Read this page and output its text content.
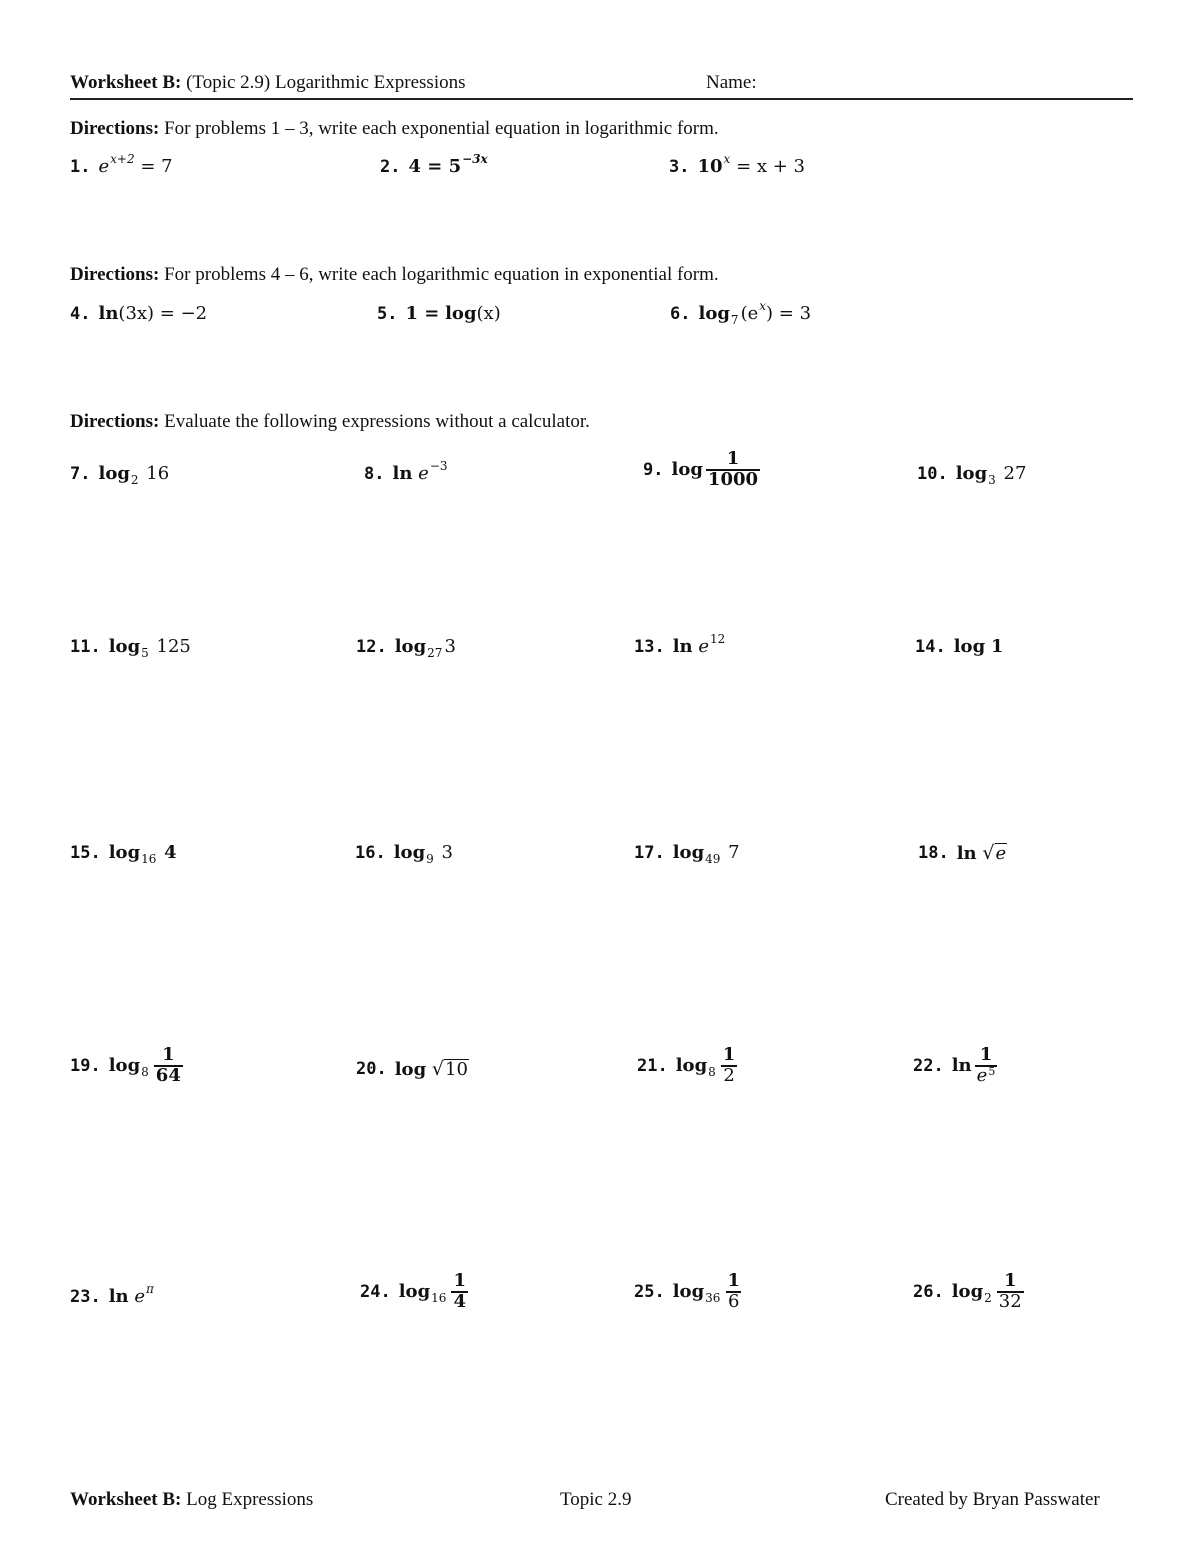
Worksheet B: (Topic 2.9) Logarithmic Expressions	Name:
Directions: For problems 1 – 3, write each exponential equation in logarithmic form.
1. e x+2
= 7	2. 4 = 5 −3x	3. 10 x
= x + 3
Directions: For problems 4 – 6, write each logarithmic equation in exponential form.
4. ln (3x) = −2	5. 1 =
log (x)	6. log 7 (e x ) = 3
Directions: Evaluate the following expressions without a calculator.
7. log 2
16	8. ln
e −3	9. $\log \frac{1}{1000}$	10. log 3
27
11. log 5
125	12. log 27 3	13. ln
e 12	14. log
1
15. log 16
4	16. log 9
3	17. log 49
7	18. ln
√ e
19. $\log 8 \frac{1}{64}$	20. log
√ 10	21. $\log 8 \frac{1}{2}$	22. $\ln \frac{1}{e^5}$
23. ln
e π	24. $\log 16 \frac{1}{4}$	25. $\log 36 \frac{1}{6}$	26. $\log 2 \frac{1}{32}$
Worksheet B: Log Expressions	Topic 2.9	Created by Bryan Passwater
